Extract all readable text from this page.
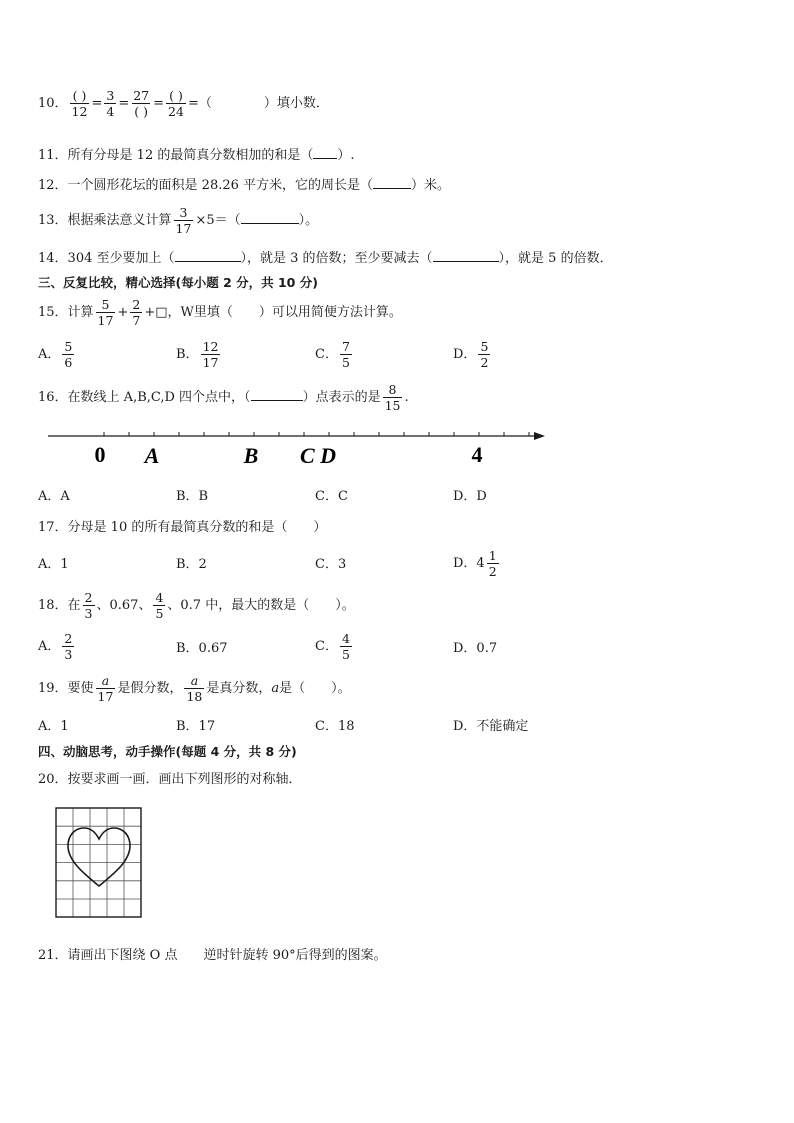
10． $\frac{( )}{12} = \frac{3}{4} = \frac{27}{( )} = \frac{( )}{24}$ =（　　　　）填小数．
11．所有分母是 12 的最简真分数相加的和是（ ）.
12．一个圆形花坛的面积是 28.26 平方米，它的周长是（	）米。
13．根据乘法意义计算 $\frac{3}{17} \times 5=$（	）。
14．304 至少要加上（	），就是 3 的倍数；至少要减去（	），就是 5 的倍数．
三、反复比较，精心选择(每小题 2 分，共 10 分)
15．计算 $\frac{5}{17} + \frac{2}{7}$ +□，W里填（　　）可以用简便方法计算。
A． $\frac{5}{6}$	B． $\frac{12}{17}$	C． $\frac{7}{5}$	D． $\frac{5}{2}$
16．在数线上 A,B,C,D 四个点中，（	）点表示的是 $\frac{8}{15}$ .
0 A	B C D	4
A．A	B．B	C．C	D．D
17．分母是 10 的所有最简真分数的和是（　　）
A．1	B．2	C．3	D．$4 \frac{1}{2}$
18．在 $\frac{2}{3}$ 、0.67、 $\frac{4}{5}$ 、0.7 中，最大的数是（　　）。
A． $\frac{2}{3}$	B．0.67	C． $\frac{4}{5}$	D．0.7
19．要使 $\frac{a}{17}$ 是假分数， $\frac{a}{18}$ 是真分数，a是（　　）。
A．1	B．17	C．18	D．不能确定
四、动脑思考，动手操作(每题 4 分，共 8 分)
20．按要求画一画．画出下列图形的对称轴．
21．请画出下图绕 O 点 逆时针旋转 90°后得到的图案。
